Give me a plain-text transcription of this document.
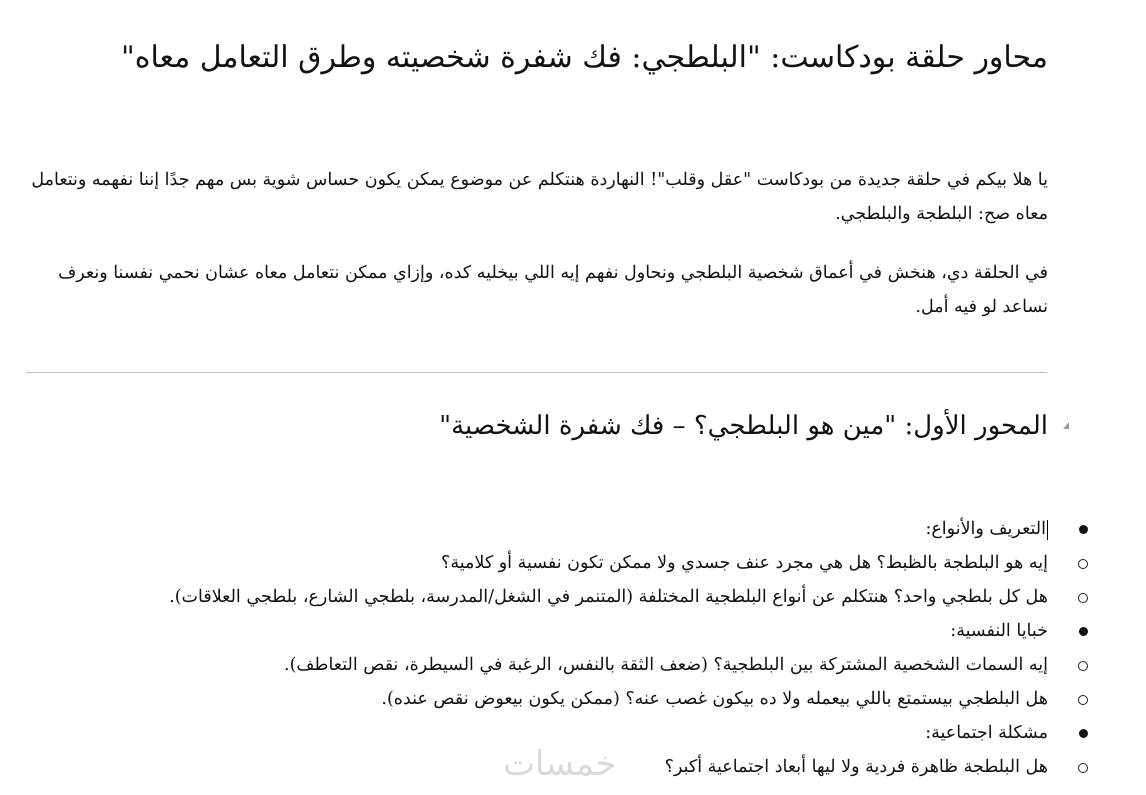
محاور حلقة بودكاست: "البلطجي: فك شفرة شخصيته وطرق التعامل معاه"

يا هلا بيكم في حلقة جديدة من بودكاست "عقل وقلب"! النهاردة هنتكلم عن موضوع يمكن يكون حساس شوية بس مهم جدًا إننا نفهمه ونتعامل معاه صح: البلطجة والبلطجي.

في الحلقة دي، هنخش في أعماق شخصية البلطجي ونحاول نفهم إيه اللي بيخليه كده، وإزاي ممكن نتعامل معاه عشان نحمي نفسنا ونعرف نساعد لو فيه أمل.

المحور الأول: "مين هو البلطجي؟ – فك شفرة الشخصية"
التعريف والأنواع:
إيه هو البلطجة بالظبط؟ هل هي مجرد عنف جسدي ولا ممكن تكون نفسية أو كلامية؟
هل كل بلطجي واحد؟ هنتكلم عن أنواع البلطجية المختلفة (المتنمر في الشغل/المدرسة، بلطجي الشارع، بلطجي العلاقات).
خبايا النفسية:
إيه السمات الشخصية المشتركة بين البلطجية؟ (ضعف الثقة بالنفس، الرغبة في السيطرة، نقص التعاطف).
هل البلطجي بيستمتع باللي بيعمله ولا ده بيكون غصب عنه؟ (ممكن يكون بيعوض نقص عنده).
مشكلة اجتماعية:
هل البلطجة ظاهرة فردية ولا ليها أبعاد اجتماعية أكبر؟
خمسات
